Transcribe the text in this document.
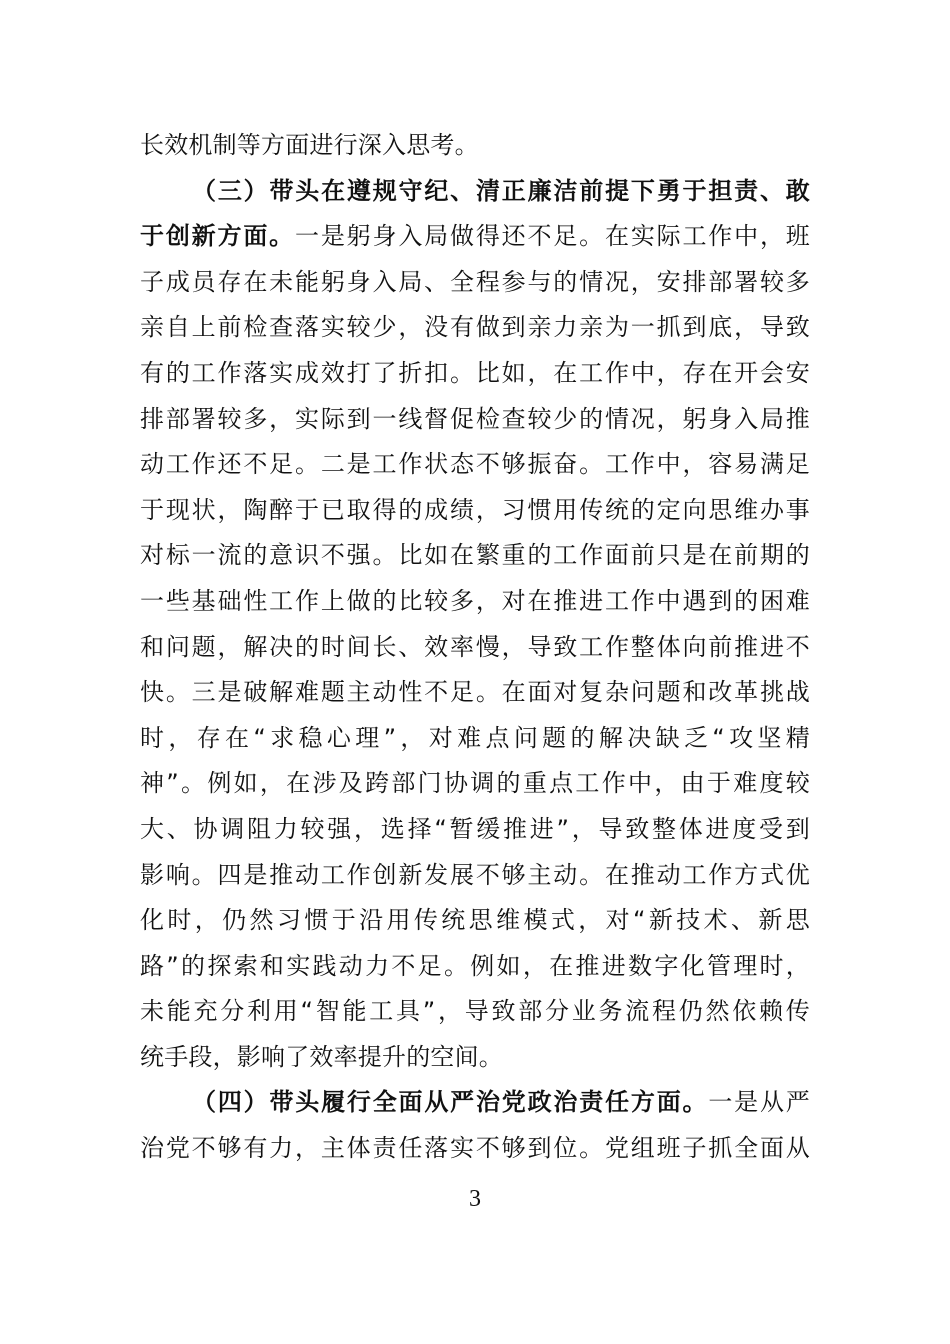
长效机制等方面进行深入思考。
（三）带头在遵规守纪、清正廉洁前提下勇于担责、敢
于创新方面。一是躬身入局做得还不足。在实际工作中，班
子成员存在未能躬身入局、全程参与的情况，安排部署较多
亲自上前检查落实较少，没有做到亲力亲为一抓到底，导致
有的工作落实成效打了折扣。比如，在工作中，存在开会安
排部署较多，实际到一线督促检查较少的情况，躬身入局推
动工作还不足。二是工作状态不够振奋。工作中，容易满足
于现状，陶醉于已取得的成绩，习惯用传统的定向思维办事
对标一流的意识不强。比如在繁重的工作面前只是在前期的
一些基础性工作上做的比较多，对在推进工作中遇到的困难
和问题，解决的时间长、效率慢，导致工作整体向前推进不
快。三是破解难题主动性不足。在面对复杂问题和改革挑战
时，存在“求稳心理”，对难点问题的解决缺乏“攻坚精
神”。例如，在涉及跨部门协调的重点工作中，由于难度较
大、协调阻力较强，选择“暂缓推进”，导致整体进度受到
影响。四是推动工作创新发展不够主动。在推动工作方式优
化时，仍然习惯于沿用传统思维模式，对“新技术、新思
路”的探索和实践动力不足。例如，在推进数字化管理时，
未能充分利用“智能工具”，导致部分业务流程仍然依赖传
统手段，影响了效率提升的空间。
（四）带头履行全面从严治党政治责任方面。一是从严
治党不够有力，主体责任落实不够到位。党组班子抓全面从
3
